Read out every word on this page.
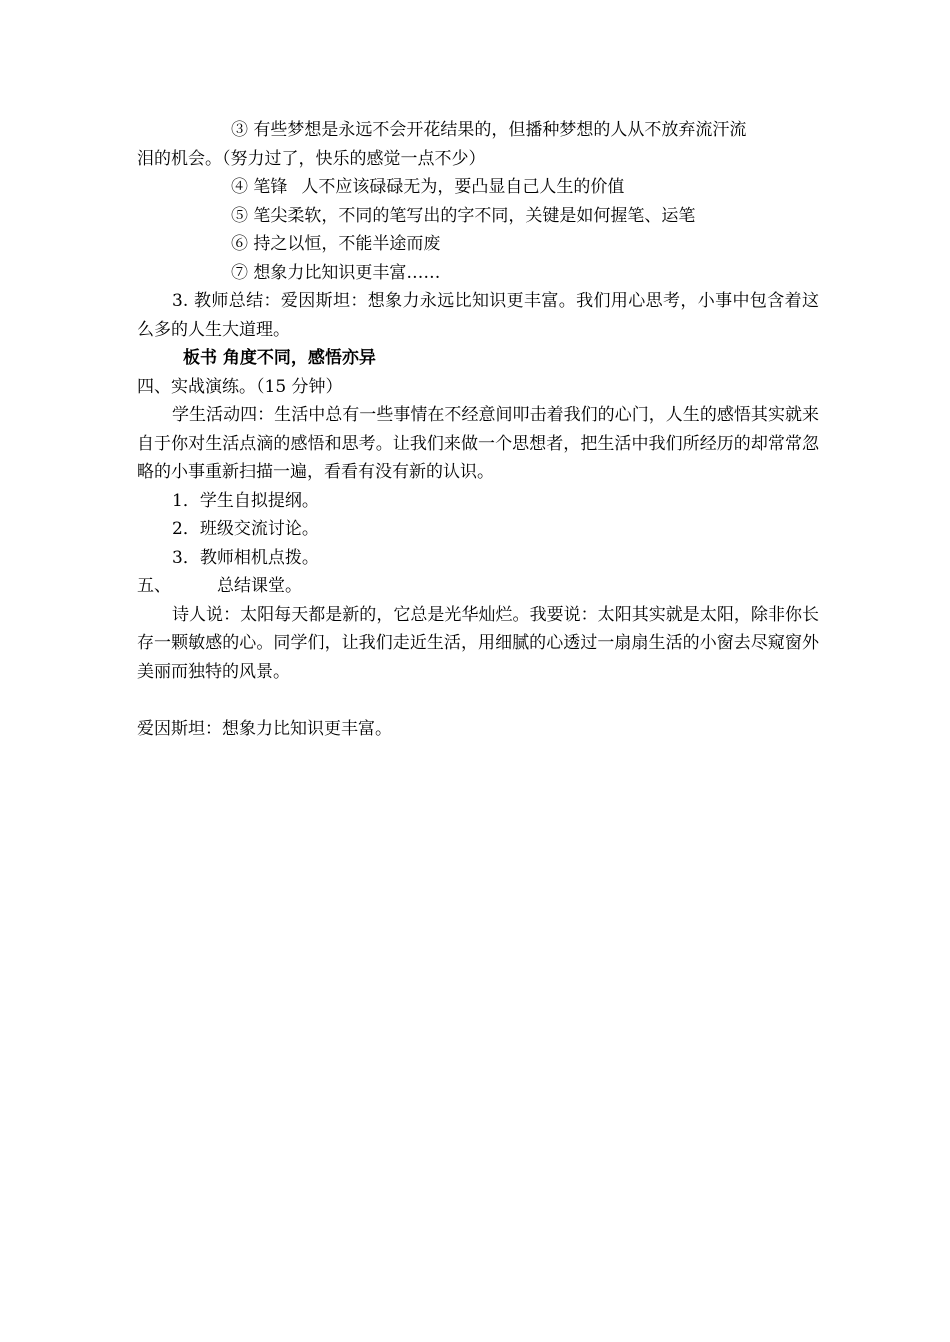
③ 有些梦想是永远不会开花结果的，但播种梦想的人从不放弃流汗流

泪的机会。（努力过了，快乐的感觉一点不少）

④ 笔锋 人不应该碌碌无为，要凸显自己人生的价值

⑤ 笔尖柔软，不同的笔写出的字不同，关键是如何握笔、运笔

⑥ 持之以恒，不能半途而废

⑦ 想象力比知识更丰富……

3. 教师总结：爱因斯坦：想象力永远比知识更丰富。我们用心思考，小事中包含着这么多的人生大道理。

板书 角度不同，感悟亦异

四、实战演练。（15 分钟）

学生活动四：生活中总有一些事情在不经意间叩击着我们的心门，人生的感悟其实就来自于你对生活点滴的感悟和思考。让我们来做一个思想者，把生活中我们所经历的却常常忽略的小事重新扫描一遍，看看有没有新的认识。

1．学生自拟提纲。

2．班级交流讨论。

3．教师相机点拨。

五、	总结课堂。

诗人说：太阳每天都是新的，它总是光华灿烂。我要说：太阳其实就是太阳，除非你长存一颗敏感的心。同学们，让我们走近生活，用细腻的心透过一扇扇生活的小窗去尽窥窗外美丽而独特的风景。

爱因斯坦：想象力比知识更丰富。
